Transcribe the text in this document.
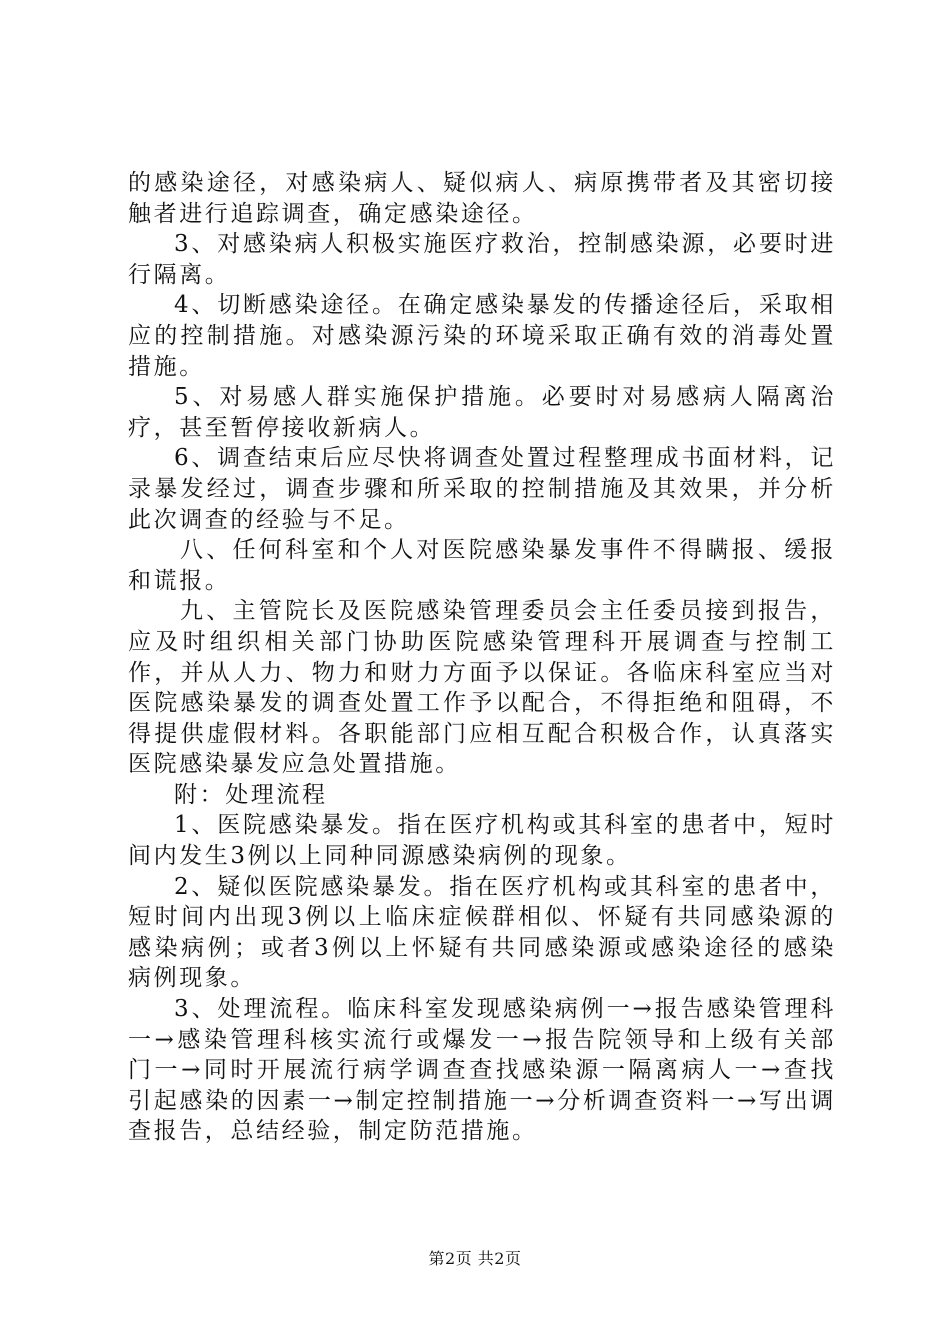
的感染途径，对感染病人、疑似病人、病原携带者及其密切接触者进行追踪调查，确定感染途径。

3、对感染病人积极实施医疗救治，控制感染源，必要时进行隔离。

4、切断感染途径。在确定感染暴发的传播途径后，采取相应的控制措施。对感染源污染的环境采取正确有效的消毒处置措施。

5、对易感人群实施保护措施。必要时对易感病人隔离治疗，甚至暂停接收新病人。

6、调查结束后应尽快将调查处置过程整理成书面材料，记录暴发经过，调查步骤和所采取的控制措施及其效果，并分析此次调查的经验与不足。

八、任何科室和个人对医院感染暴发事件不得瞒报、缓报和谎报。

九、主管院长及医院感染管理委员会主任委员接到报告，应及时组织相关部门协助医院感染管理科开展调查与控制工作，并从人力、物力和财力方面予以保证。各临床科室应当对医院感染暴发的调查处置工作予以配合，不得拒绝和阻碍，不得提供虚假材料。各职能部门应相互配合积极合作，认真落实医院感染暴发应急处置措施。

附：处理流程

1、医院感染暴发。指在医疗机构或其科室的患者中，短时间内发生3例以上同种同源感染病例的现象。

2、疑似医院感染暴发。指在医疗机构或其科室的患者中，短时间内出现3例以上临床症候群相似、怀疑有共同感染源的感染病例；或者3例以上怀疑有共同感染源或感染途径的感染病例现象。

3、处理流程。临床科室发现感染病例一→报告感染管理科一→感染管理科核实流行或爆发一→报告院领导和上级有关部门一→同时开展流行病学调查查找感染源一隔离病人一→查找引起感染的因素一→制定控制措施一→分析调查资料一→写出调查报告，总结经验，制定防范措施。

第2页 共2页
